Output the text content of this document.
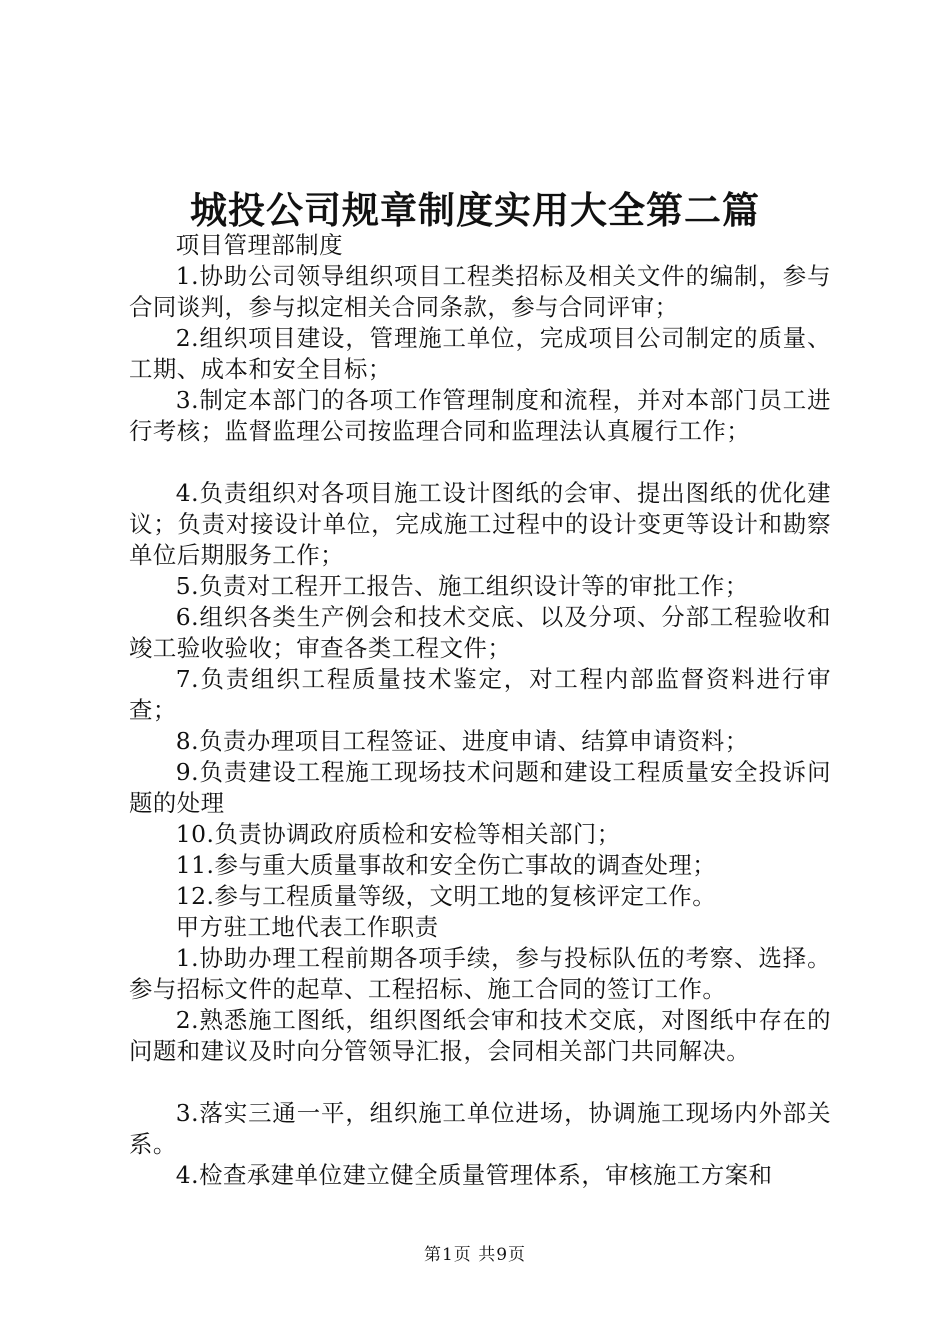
城投公司规章制度实用大全第二篇

项目管理部制度

1.协助公司领导组织项目工程类招标及相关文件的编制，参与合同谈判，参与拟定相关合同条款，参与合同评审；

2.组织项目建设，管理施工单位，完成项目公司制定的质量、工期、成本和安全目标；

3.制定本部门的各项工作管理制度和流程，并对本部门员工进行考核；监督监理公司按监理合同和监理法认真履行工作；

4.负责组织对各项目施工设计图纸的会审、提出图纸的优化建议；负责对接设计单位，完成施工过程中的设计变更等设计和勘察单位后期服务工作；

5.负责对工程开工报告、施工组织设计等的审批工作；

6.组织各类生产例会和技术交底、以及分项、分部工程验收和竣工验收验收；审查各类工程文件；

7.负责组织工程质量技术鉴定，对工程内部监督资料进行审查；

8.负责办理项目工程签证、进度申请、结算申请资料；

9.负责建设工程施工现场技术问题和建设工程质量安全投诉问题的处理

10.负责协调政府质检和安检等相关部门；

11.参与重大质量事故和安全伤亡事故的调查处理；

12.参与工程质量等级，文明工地的复核评定工作。

甲方驻工地代表工作职责

1.协助办理工程前期各项手续，参与投标队伍的考察、选择。参与招标文件的起草、工程招标、施工合同的签订工作。

2.熟悉施工图纸，组织图纸会审和技术交底，对图纸中存在的问题和建议及时向分管领导汇报，会同相关部门共同解决。

3.落实三通一平，组织施工单位进场，协调施工现场内外部关系。

4.检查承建单位建立健全质量管理体系，审核施工方案和

第1页 共9页
